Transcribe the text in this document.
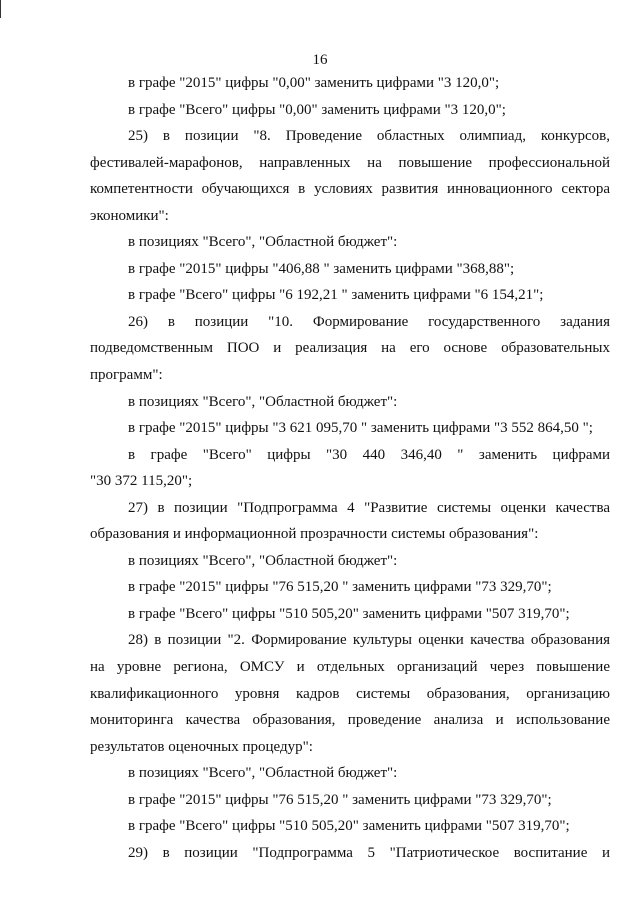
16
в графе "2015" цифры "0,00" заменить цифрами "3 120,0";
в графе "Всего" цифры "0,00" заменить цифрами "3 120,0";
25) в позиции "8. Проведение областных олимпиад, конкурсов,
фестивалей-марафонов, направленных на повышение профессиональной
компетентности обучающихся в условиях развития инновационного сектора
экономики":
в позициях "Всего", "Областной бюджет":
в графе "2015" цифры "406,88 " заменить цифрами "368,88";
в графе "Всего" цифры "6 192,21 " заменить цифрами "6 154,21";
26) в позиции "10. Формирование государственного задания
подведомственным ПОО и реализация на его основе образовательных
программ":
в позициях "Всего", "Областной бюджет":
в графе "2015" цифры "3 621 095,70 " заменить цифрами "3 552 864,50 ";
в графе "Всего" цифры "30 440 346,40 " заменить цифрами
"30 372 115,20";
27) в позиции "Подпрограмма 4 "Развитие системы оценки качества
образования и информационной прозрачности системы образования":
в позициях "Всего", "Областной бюджет":
в графе "2015" цифры "76 515,20 " заменить цифрами "73 329,70";
в графе "Всего" цифры "510 505,20" заменить цифрами "507 319,70";
28) в позиции "2. Формирование культуры оценки качества образования
на уровне региона, ОМСУ и отдельных организаций через повышение
квалификационного уровня кадров системы образования, организацию
мониторинга качества образования, проведение анализа и использование
результатов оценочных процедур":
в позициях "Всего", "Областной бюджет":
в графе "2015" цифры "76 515,20 " заменить цифрами "73 329,70";
в графе "Всего" цифры "510 505,20" заменить цифрами "507 319,70";
29) в позиции "Подпрограмма 5 "Патриотическое воспитание и
